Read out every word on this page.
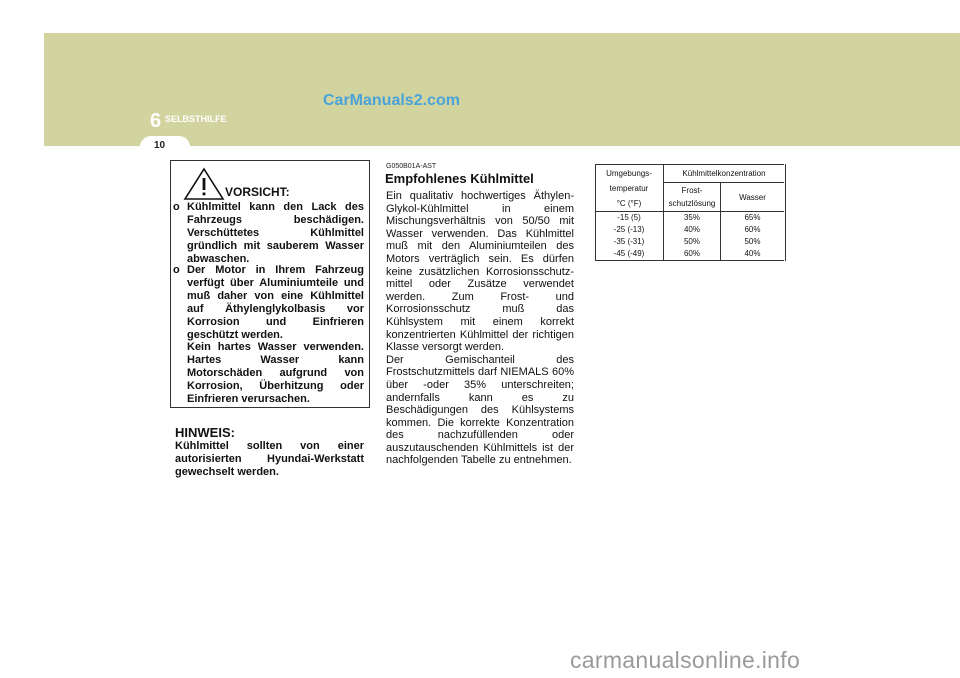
6 SELBSTHILFE
10
CarManuals2.com
VORSICHT:
o Kühlmittel kann den Lack des Fahrzeugs beschädigen. Verschüttetes Kühlmittel gründlich mit sauberem Wasser abwaschen.
o Der Motor in Ihrem Fahrzeug verfügt über Aluminiumteile und muß daher von eine Kühlmittel auf Äthylenglykolbasis vor Korrosion und Einfrieren geschützt werden.
Kein hartes Wasser verwenden. Hartes Wasser kann Motorschäden aufgrund von Korrosion, Überhitzung oder Einfrieren verursachen.
HINWEIS:
Kühlmittel sollten von einer autorisierten Hyundai-Werkstatt gewechselt werden.
G050B01A-AST
Empfohlenes Kühlmittel

Ein qualitativ hochwertiges Äthylen-Glykol-Kühlmittel in einem Mischungsverhältnis von 50/50 mit Wasser verwenden. Das Kühlmittel muß mit den Aluminiumteilen des Motors verträglich sein. Es dürfen keine zusätzlichen Korrosionsschutz-mittel oder Zusätze verwendet werden. Zum Frost- und Korrosionsschutz muß das Kühlsystem mit einem korrekt konzentrierten Kühlmittel der richtigen Klasse versorgt werden.

Der Gemischanteil des Frostschutzmittels darf NIEMALS 60% über -oder 35% unterschreiten; andernfalls kann es zu Beschädigungen des Kühlsystems kommen. Die korrekte Konzentration des nachzufüllenden oder auszutauschenden Kühlmittels ist der nachfolgenden Tabelle zu entnehmen.

Umgebungs-
temperatur
°C (°F)	Kühlmittelkonzentration	
	Frost-
schutzlösung	Wasser
-15 (5)	35%	65%
-25 (-13)	40%	60%
-35 (-31)	50%	50%
-45 (-49)	60%	40%
carmanualsonline.info
